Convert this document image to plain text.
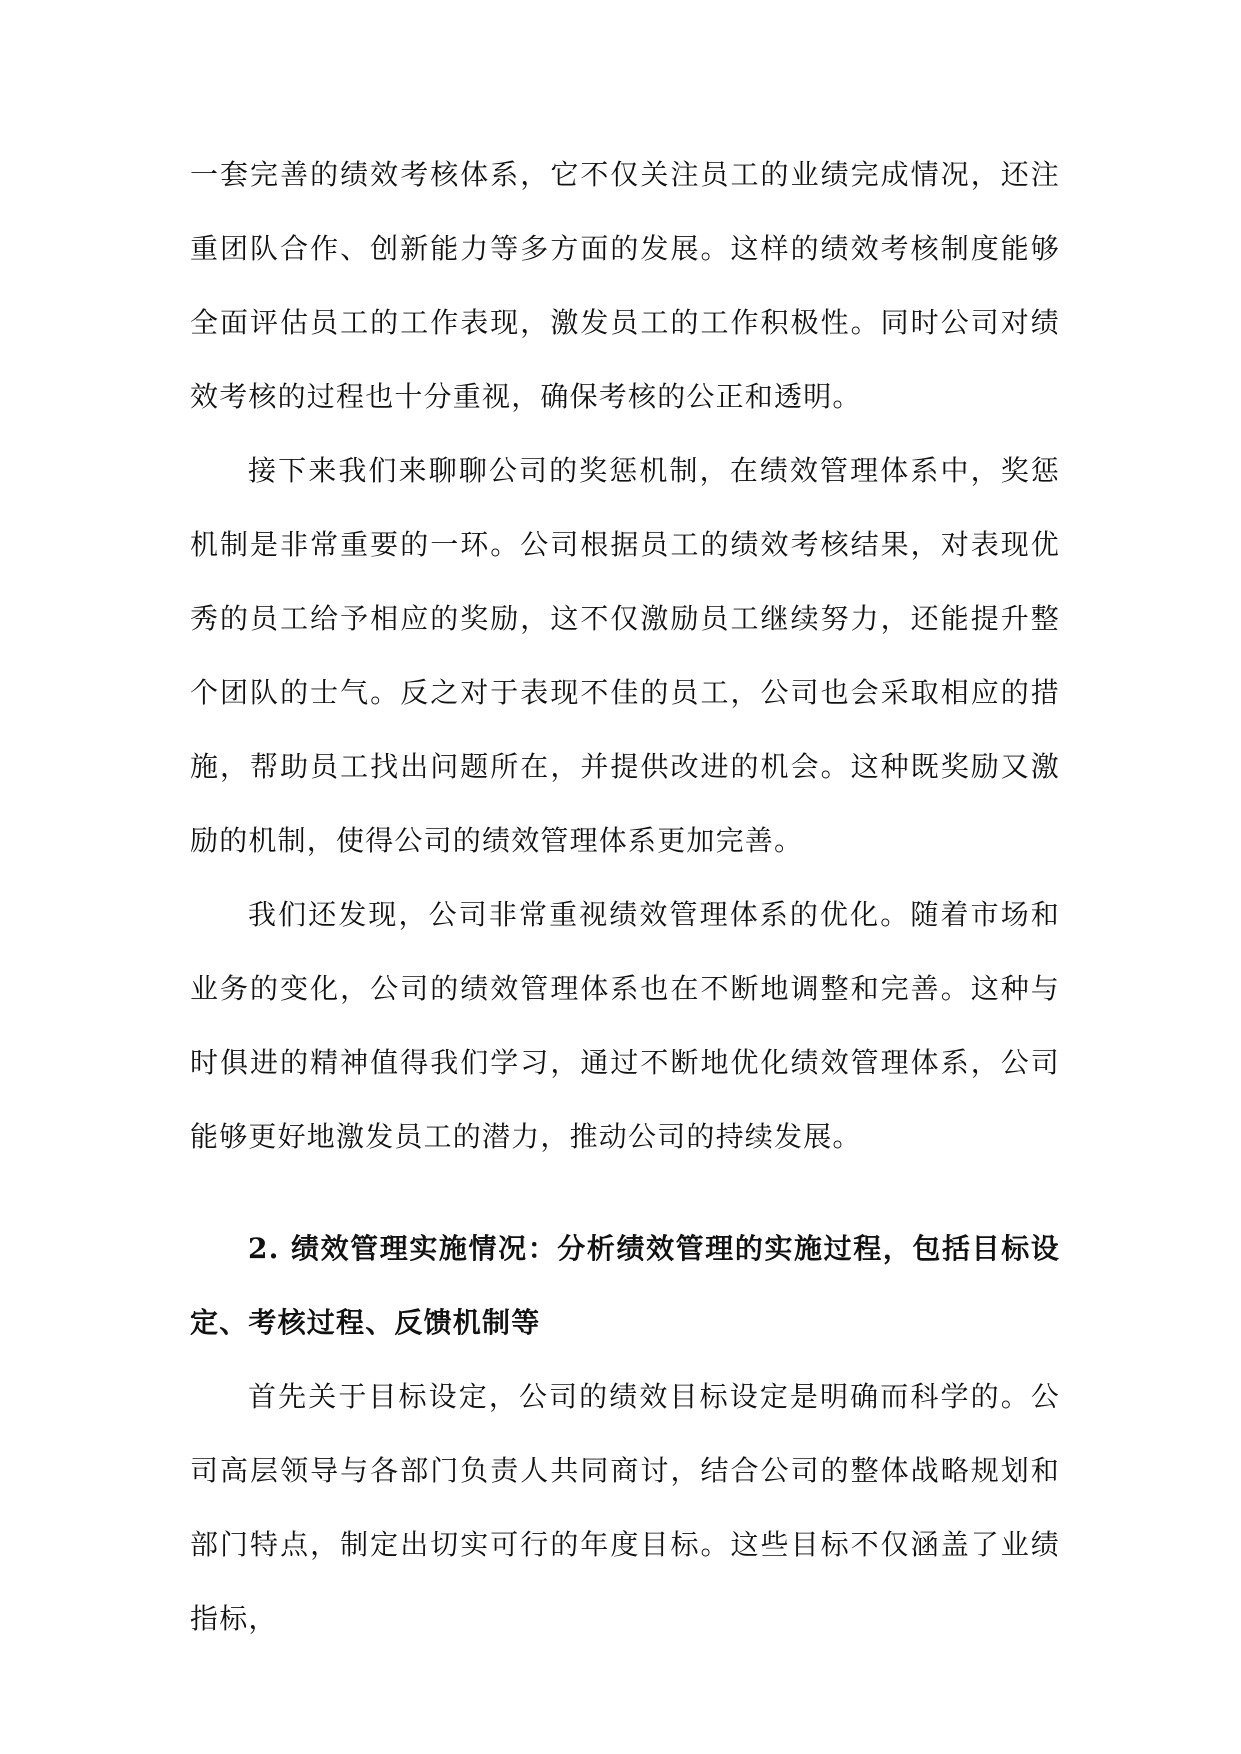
一套完善的绩效考核体系，它不仅关注员工的业绩完成情况，还注重团队合作、创新能力等多方面的发展。这样的绩效考核制度能够全面评估员工的工作表现，激发员工的工作积极性。同时公司对绩效考核的过程也十分重视，确保考核的公正和透明。

接下来我们来聊聊公司的奖惩机制，在绩效管理体系中，奖惩机制是非常重要的一环。公司根据员工的绩效考核结果，对表现优秀的员工给予相应的奖励，这不仅激励员工继续努力，还能提升整个团队的士气。反之对于表现不佳的员工，公司也会采取相应的措施，帮助员工找出问题所在，并提供改进的机会。这种既奖励又激励的机制，使得公司的绩效管理体系更加完善。

我们还发现，公司非常重视绩效管理体系的优化。随着市场和业务的变化，公司的绩效管理体系也在不断地调整和完善。这种与时俱进的精神值得我们学习，通过不断地优化绩效管理体系，公司能够更好地激发员工的潜力，推动公司的持续发展。

2. 绩效管理实施情况：分析绩效管理的实施过程，包括目标设定、考核过程、反馈机制等

首先关于目标设定，公司的绩效目标设定是明确而科学的。公司高层领导与各部门负责人共同商讨，结合公司的整体战略规划和部门特点，制定出切实可行的年度目标。这些目标不仅涵盖了业绩指标，
